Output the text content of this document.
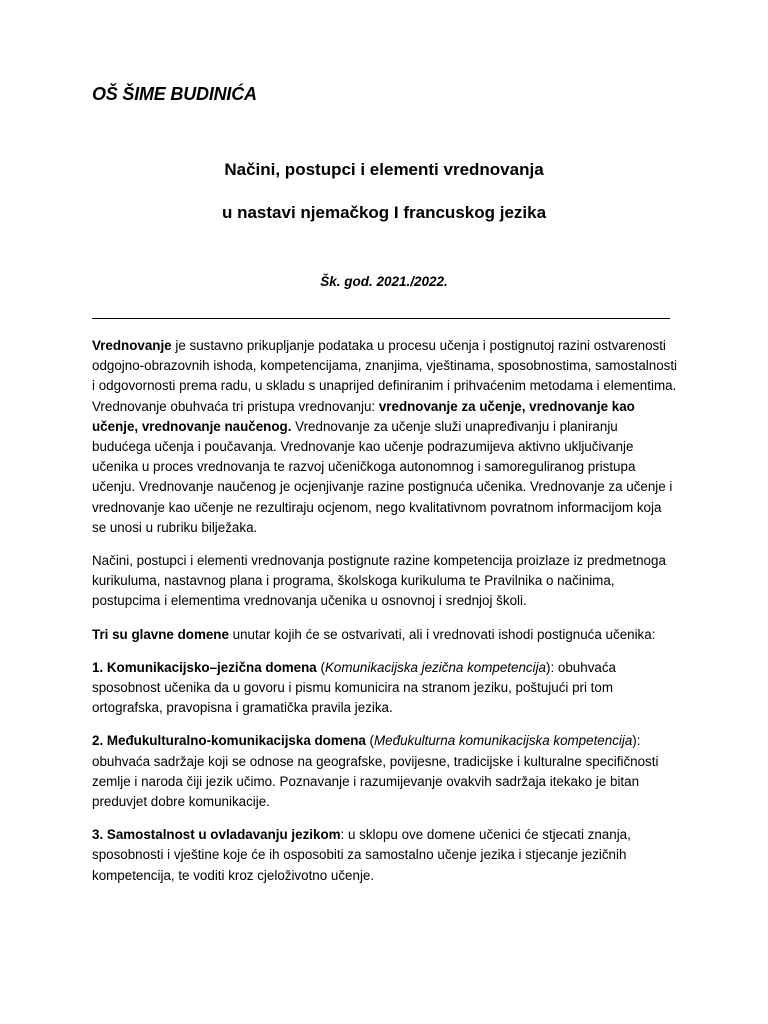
OŠ ŠIME BUDINIĆA
Načini, postupci i elementi vrednovanja
u nastavi njemačkog I francuskog jezika
Šk. god. 2021./2022.

Vrednovanje je sustavno prikupljanje podataka u procesu učenja i postignutoj razini ostvarenosti odgojno-obrazovnih ishoda, kompetencijama, znanjima, vještinama, sposobnostima, samostalnosti i odgovornosti prema radu, u skladu s unaprijed definiranim i prihvaćenim metodama i elementima. Vrednovanje obuhvaća tri pristupa vrednovanju: vrednovanje za učenje, vrednovanje kao učenje, vrednovanje naučenog. Vrednovanje za učenje služi unapređivanju i planiranju budućega učenja i poučavanja. Vrednovanje kao učenje podrazumijeva aktivno uključivanje učenika u proces vrednovanja te razvoj učeničkoga autonomnog i samoreguliranog pristupa učenju. Vrednovanje naučenog je ocjenjivanje razine postignuća učenika. Vrednovanje za učenje i vrednovanje kao učenje ne rezultiraju ocjenom, nego kvalitativnom povratnom informacijom koja se unosi u rubriku bilježaka.

Načini, postupci i elementi vrednovanja postignute razine kompetencija proizlaze iz predmetnoga kurikuluma, nastavnog plana i programa, školskoga kurikuluma te Pravilnika o načinima, postupcima i elementima vrednovanja učenika u osnovnoj i srednjoj školi.

Tri su glavne domene unutar kojih će se ostvarivati, ali i vrednovati ishodi postignuća učenika:

1. Komunikacijsko–jezična domena (Komunikacijska jezična kompetencija): obuhvaća sposobnost učenika da u govoru i pismu komunicira na stranom jeziku, poštujući pri tom ortografska, pravopisna i gramatička pravila jezika.

2. Međukulturalno-komunikacijska domena (Međukulturna komunikacijska kompetencija): obuhvaća sadržaje koji se odnose na geografske, povijesne, tradicijske i kulturalne specifičnosti zemlje i naroda čiji jezik učimo. Poznavanje i razumijevanje ovakvih sadržaja itekako je bitan preduvjet dobre komunikacije.

3. Samostalnost u ovladavanju jezikom: u sklopu ove domene učenici će stjecati znanja, sposobnosti i vještine koje će ih osposobiti za samostalno učenje jezika i stjecanje jezičnih kompetencija, te voditi kroz cjeloživotno učenje.
